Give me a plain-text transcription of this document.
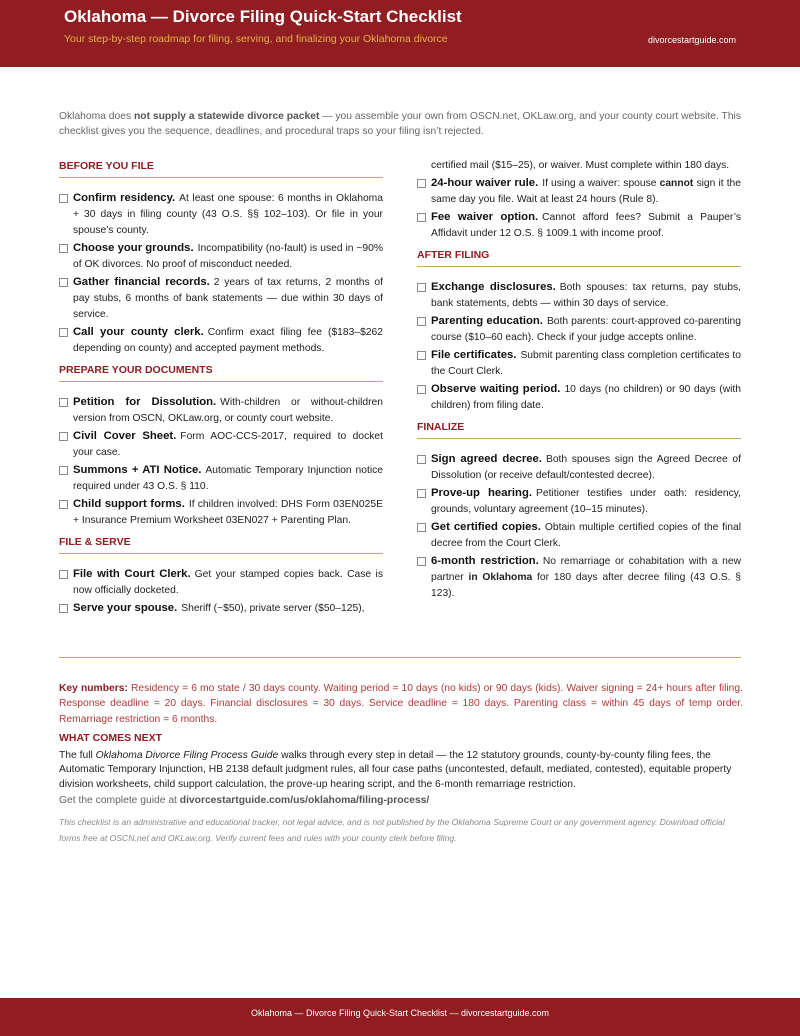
Oklahoma — Divorce Filing Quick-Start Checklist
Your step-by-step roadmap for filing, serving, and finalizing your Oklahoma divorce	divorcestartguide.com
Oklahoma does not supply a statewide divorce packet — you assemble your own from OSCN.net, OKLaw.org, and your county court website. This checklist gives you the sequence, deadlines, and procedural traps so your filing isn’t rejected.
BEFORE YOU FILE
Confirm residency. At least one spouse: 6 months in Oklahoma + 30 days in filing county (43 O.S. §§ 102–103). Or file in your spouse’s county.
Choose your grounds. Incompatibility (no-fault) is used in ~90% of OK divorces. No proof of misconduct needed.
Gather financial records. 2 years of tax returns, 2 months of pay stubs, 6 months of bank statements — due within 30 days of service.
Call your county clerk. Confirm exact filing fee ($183–$262 depending on county) and accepted payment methods.
PREPARE YOUR DOCUMENTS
Petition for Dissolution. With-children or without-children version from OSCN, OKLaw.org, or county court website.
Civil Cover Sheet. Form AOC-CCS-2017, required to docket your case.
Summons + ATI Notice. Automatic Temporary Injunction notice required under 43 O.S. § 110.
Child support forms. If children involved: DHS Form 03EN025E + Insurance Premium Worksheet 03EN027 + Parenting Plan.
FILE & SERVE
File with Court Clerk. Get your stamped copies back. Case is now officially docketed.
Serve your spouse. Sheriff (~$50), private server ($50–125),
certified mail ($15–25), or waiver. Must complete within 180 days.
24-hour waiver rule. If using a waiver: spouse cannot sign it the same day you file. Wait at least 24 hours (Rule 8).
Fee waiver option. Cannot afford fees? Submit a Pauper’s Affidavit under 12 O.S. § 1009.1 with income proof.
AFTER FILING
Exchange disclosures. Both spouses: tax returns, pay stubs, bank statements, debts — within 30 days of service.
Parenting education. Both parents: court-approved co-parenting course ($10–60 each). Check if your judge accepts online.
File certificates. Submit parenting class completion certificates to the Court Clerk.
Observe waiting period. 10 days (no children) or 90 days (with children) from filing date.
FINALIZE
Sign agreed decree. Both spouses sign the Agreed Decree of Dissolution (or receive default/contested decree).
Prove-up hearing. Petitioner testifies under oath: residency, grounds, voluntary agreement (10–15 minutes).
Get certified copies. Obtain multiple certified copies of the final decree from the Court Clerk.
6-month restriction. No remarriage or cohabitation with a new partner in Oklahoma for 180 days after decree filing (43 O.S. § 123).
Key numbers: Residency = 6 mo state / 30 days county. Waiting period = 10 days (no kids) or 90 days (kids). Waiver signing = 24+ hours after filing. Response deadline = 20 days. Financial disclosures = 30 days. Service deadline = 180 days. Parenting class = within 45 days of temp order. Remarriage restriction = 6 months.
WHAT COMES NEXT
The full Oklahoma Divorce Filing Process Guide walks through every step in detail — the 12 statutory grounds, county-by-county filing fees, the Automatic Temporary Injunction, HB 2138 default judgment rules, all four case paths (uncontested, default, mediated, contested), equitable property division worksheets, child support calculation, the prove-up hearing script, and the 6-month remarriage restriction.
Get the complete guide at divorcestartguide.com/us/oklahoma/filing-process/
This checklist is an administrative and educational tracker, not legal advice, and is not published by the Oklahoma Supreme Court or any government agency. Download official forms free at OSCN.net and OKLaw.org. Verify current fees and rules with your county clerk before filing.
Oklahoma — Divorce Filing Quick-Start Checklist — divorcestartguide.com
